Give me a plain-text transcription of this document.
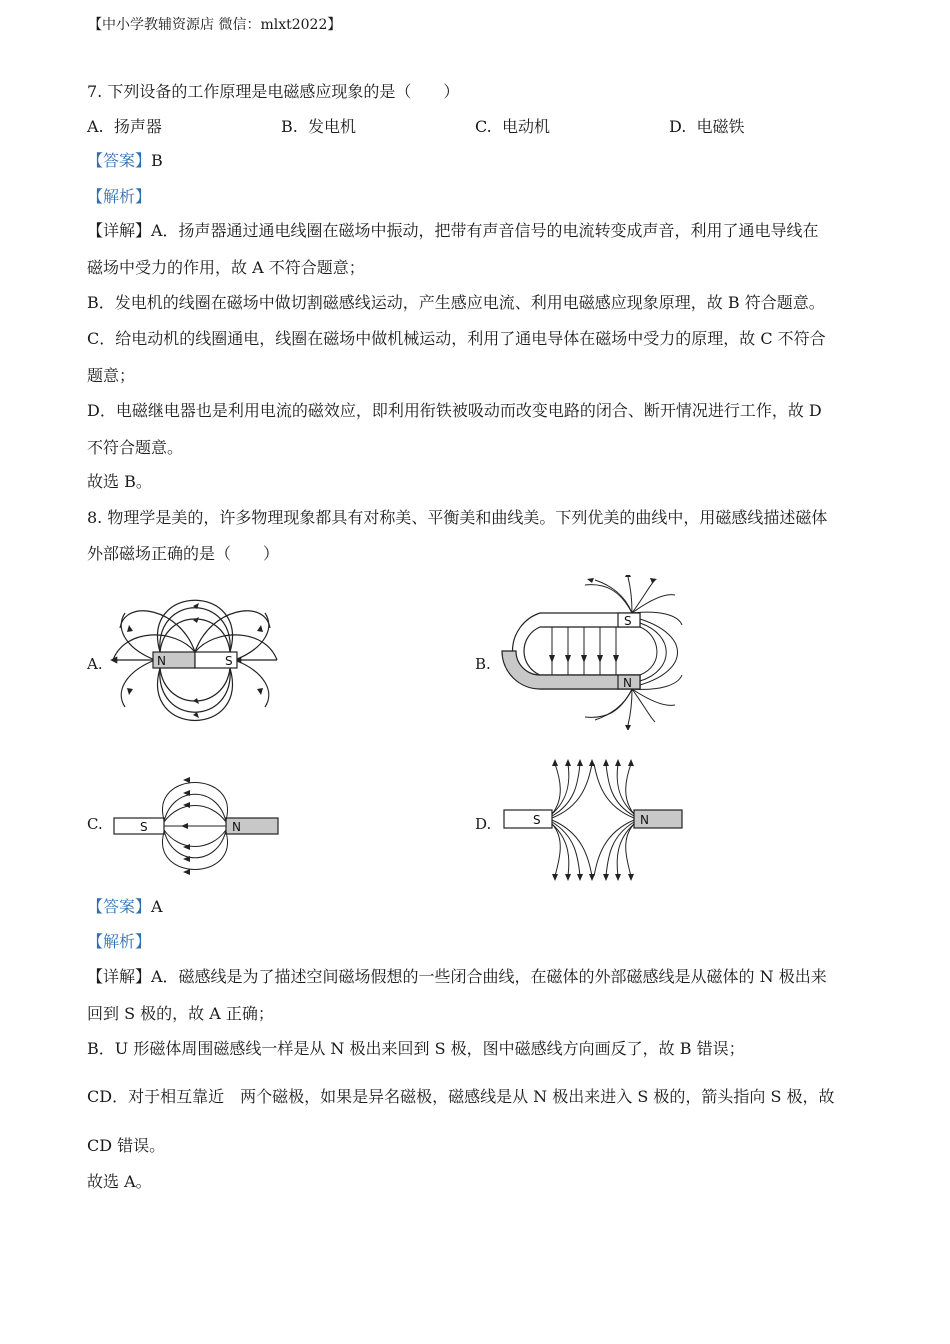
【中小学教辅资源店 微信：mlxt2022】
7. 下列设备的工作原理是电磁感应现象的是（　　）
A. 扬声器	B. 发电机	C. 电动机	D. 电磁铁
【答案】B
【解析】
【详解】A．扬声器通过通电线圈在磁场中振动，把带有声音信号的电流转变成声音，利用了通电导线在
磁场中受力的作用，故 A 不符合题意；
B．发电机的线圈在磁场中做切割磁感线运动，产生感应电流、利用电磁感应现象原理，故 B 符合题意。
C．给电动机的线圈通电，线圈在磁场中做机械运动，利用了通电导体在磁场中受力的原理，故 C 不符合
题意；
D．电磁继电器也是利用电流的磁效应，即利用衔铁被吸动而改变电路的闭合、断开情况进行工作，故 D
不符合题意。
故选 B。
8. 物理学是美的，许多物理现象都具有对称美、平衡美和曲线美。下列优美的曲线中，用磁感线描述磁体
外部磁场正确的是（　　）
A.	N	S	B.
S
N
C.	S	N	D.	S	N
【答案】A
【解析】
【详解】A．磁感线是为了描述空间磁场假想的一些闭合曲线，在磁体的外部磁感线是从磁体的 N 极出来
回到 S 极的，故 A 正确；
B．U 形磁体周围磁感线一样是从 N 极出来回到 S 极，图中磁感线方向画反了，故 B 错误；
CD．对于相互靠近　两个磁极，如果是异名磁极，磁感线是从 N 极出来进入 S 极的，箭头指向 S 极，故
CD 错误。
故选 A。
